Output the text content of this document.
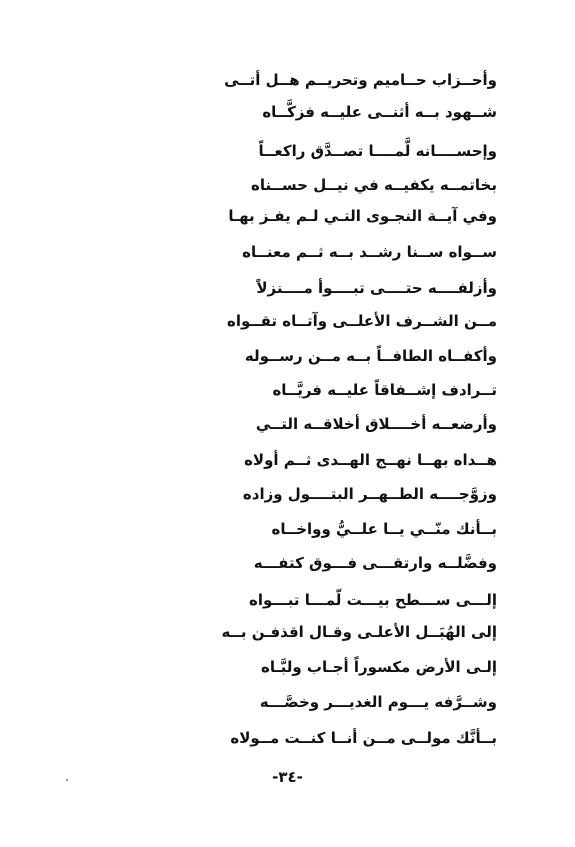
وأحــزاب حــاميم وتحريــم هــل أتــى
شــهود بــه أثنــى عليــه فزكَّــاه
وإحســــانه لَّمــــا تصــدَّق راكعــاً
بخاتمــه يكفيــه في نيــل حســناه
وفي آيــة النجـوى التـي لـم يفـز بهـا
ســواه ســنا رشــد بــه ثــم معنــاه
وأزلفــــه حتــــى تبــــوأ مــــنزلاً
مــن الشــرف الأعلــى وآتــاه تقــواه
وأكفــاه الطافــاً بــه مــن رســوله
تــرادف إشــفاقاً عليــه فريَّــاه
وأرضعــه أخــــلاق أخلاقــه التــي
هــداه بهــا نهــج الهــدى ثــم أولاه
وزوَّجــــه الطــهــر البتــــول وزاده
بــأنك منّــي يــا علــيُّ وواخــاه
وفضَّلــه وارتقـــى فـــوق كتفـــه
إلـــى ســـطح بيـــت لّمـــا تبـــواه
إلى الهُبَــل الأعلـى وقـال اقذفـن بــه
إلـى الأرض مكسوراً أجـاب ولبَّـاه
وشــرَّفه يـــوم الغديـــر وخصَّـــه
بــأنَّك مولــى مــن أنــا كنــت مــولاه
-٣٤-
